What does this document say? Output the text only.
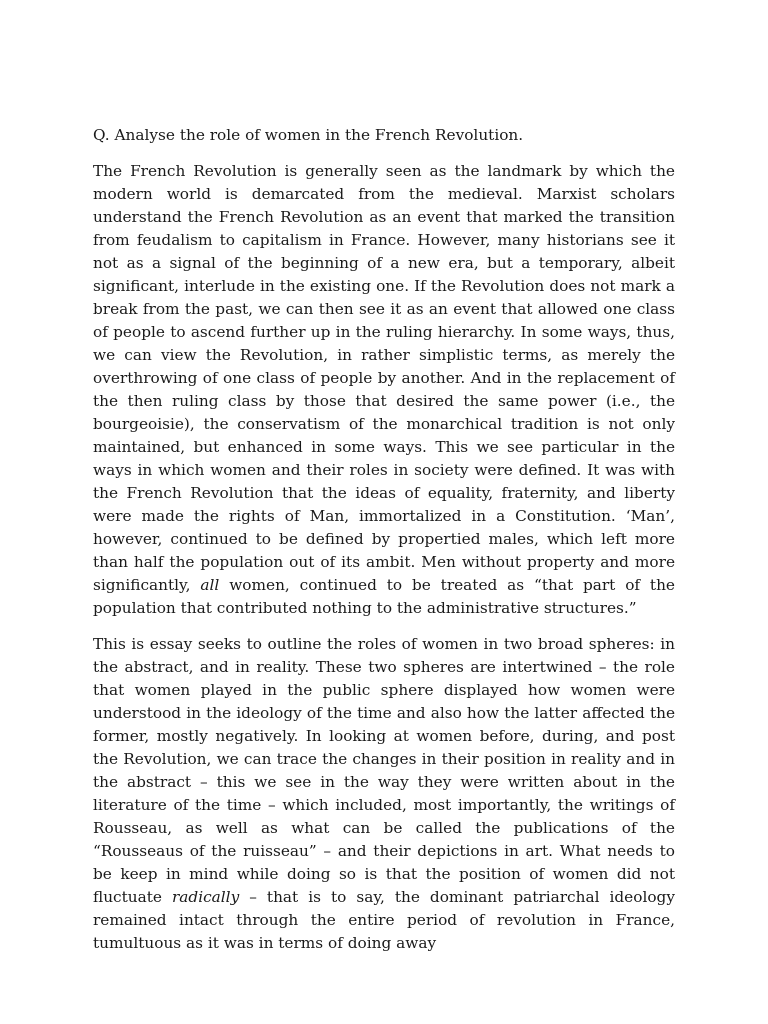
Q. Analyse the role of women in the French Revolution.

The French Revolution is generally seen as the landmark by which the modern world is demarcated from the medieval. Marxist scholars understand the French Revolution as an event that marked the transition from feudalism to capitalism in France. However, many historians see it not as a signal of the beginning of a new era, but a temporary, albeit significant, interlude in the existing one. If the Revolution does not mark a break from the past, we can then see it as an event that allowed one class of people to ascend further up in the ruling hierarchy. In some ways, thus, we can view the Revolution, in rather simplistic terms, as merely the overthrowing of one class of people by another. And in the replacement of the then ruling class by those that desired the same power (i.e., the bourgeoisie), the conservatism of the monarchical tradition is not only maintained, but enhanced in some ways. This we see particular in the ways in which women and their roles in society were defined. It was with the French Revolution that the ideas of equality, fraternity, and liberty were made the rights of Man, immortalized in a Constitution. ‘Man’, however, continued to be defined by propertied males, which left more than half the population out of its ambit. Men without property and more significantly, all women, continued to be treated as “that part of the population that contributed nothing to the administrative structures.”

This is essay seeks to outline the roles of women in two broad spheres: in the abstract, and in reality. These two spheres are intertwined – the role that women played in the public sphere displayed how women were understood in the ideology of the time and also how the latter affected the former, mostly negatively. In looking at women before, during, and post the Revolution, we can trace the changes in their position in reality and in the abstract – this we see in the way they were written about in the literature of the time – which included, most importantly, the writings of Rousseau, as well as what can be called the publications of the “Rousseaus of the ruisseau” – and their depictions in art. What needs to be keep in mind while doing so is that the position of women did not fluctuate radically – that is to say, the dominant patriarchal ideology remained intact through the entire period of revolution in France, tumultuous as it was in terms of doing away
